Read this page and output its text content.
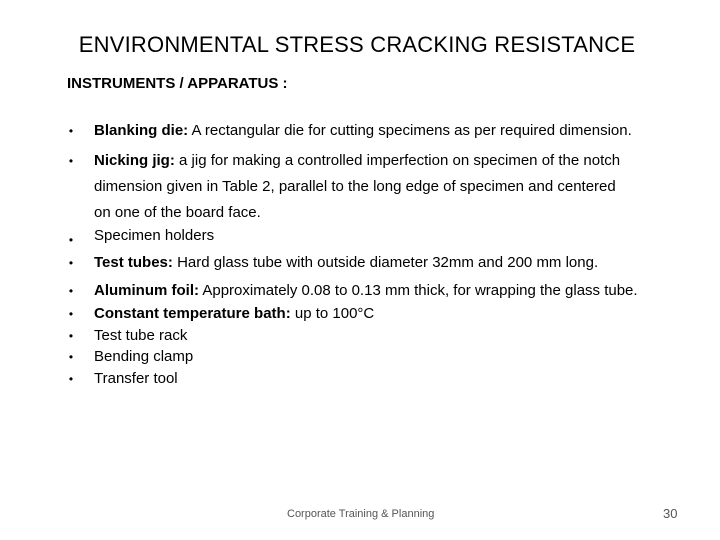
ENVIRONMENTAL STRESS CRACKING RESISTANCE
INSTRUMENTS / APPARATUS :
• Blanking die: A rectangular die for cutting specimens as per required dimension.
• Nicking jig: a jig for making a controlled imperfection on specimen of the notch
dimension given in Table 2, parallel to the long edge of specimen and centered
on one of the board face.
• Specimen holders
• Test tubes: Hard glass tube with outside diameter 32mm and 200 mm long.
• Aluminum foil: Approximately 0.08 to 0.13 mm thick, for wrapping the glass tube.
• Constant temperature bath: up to 100°C
• Test tube rack
• Bending clamp
• Transfer tool
Corporate Training & Planning	30
